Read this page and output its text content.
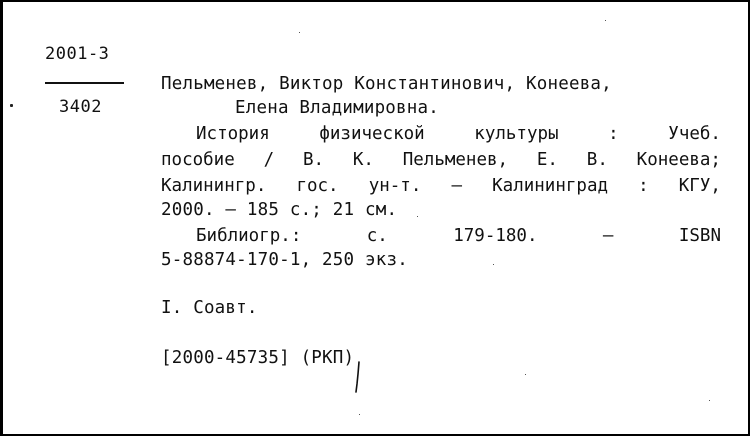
2001-3
3402
Пельменев, Виктор Константинович, Конеева,
Елена Владимировна.
История	физической	культуры	:	Учеб.
пособие / В. К. Пельменев, Е. В. Конеева;
Калинингр. гос. ун-т. – Калининград : КГУ,
2000. – 185 с.; 21 см.
Библиогр.:	с.	179-180.	–	ISBN
5-88874-170-1, 250 экз.
I. Соавт.
[2000-45735] (РКП)
